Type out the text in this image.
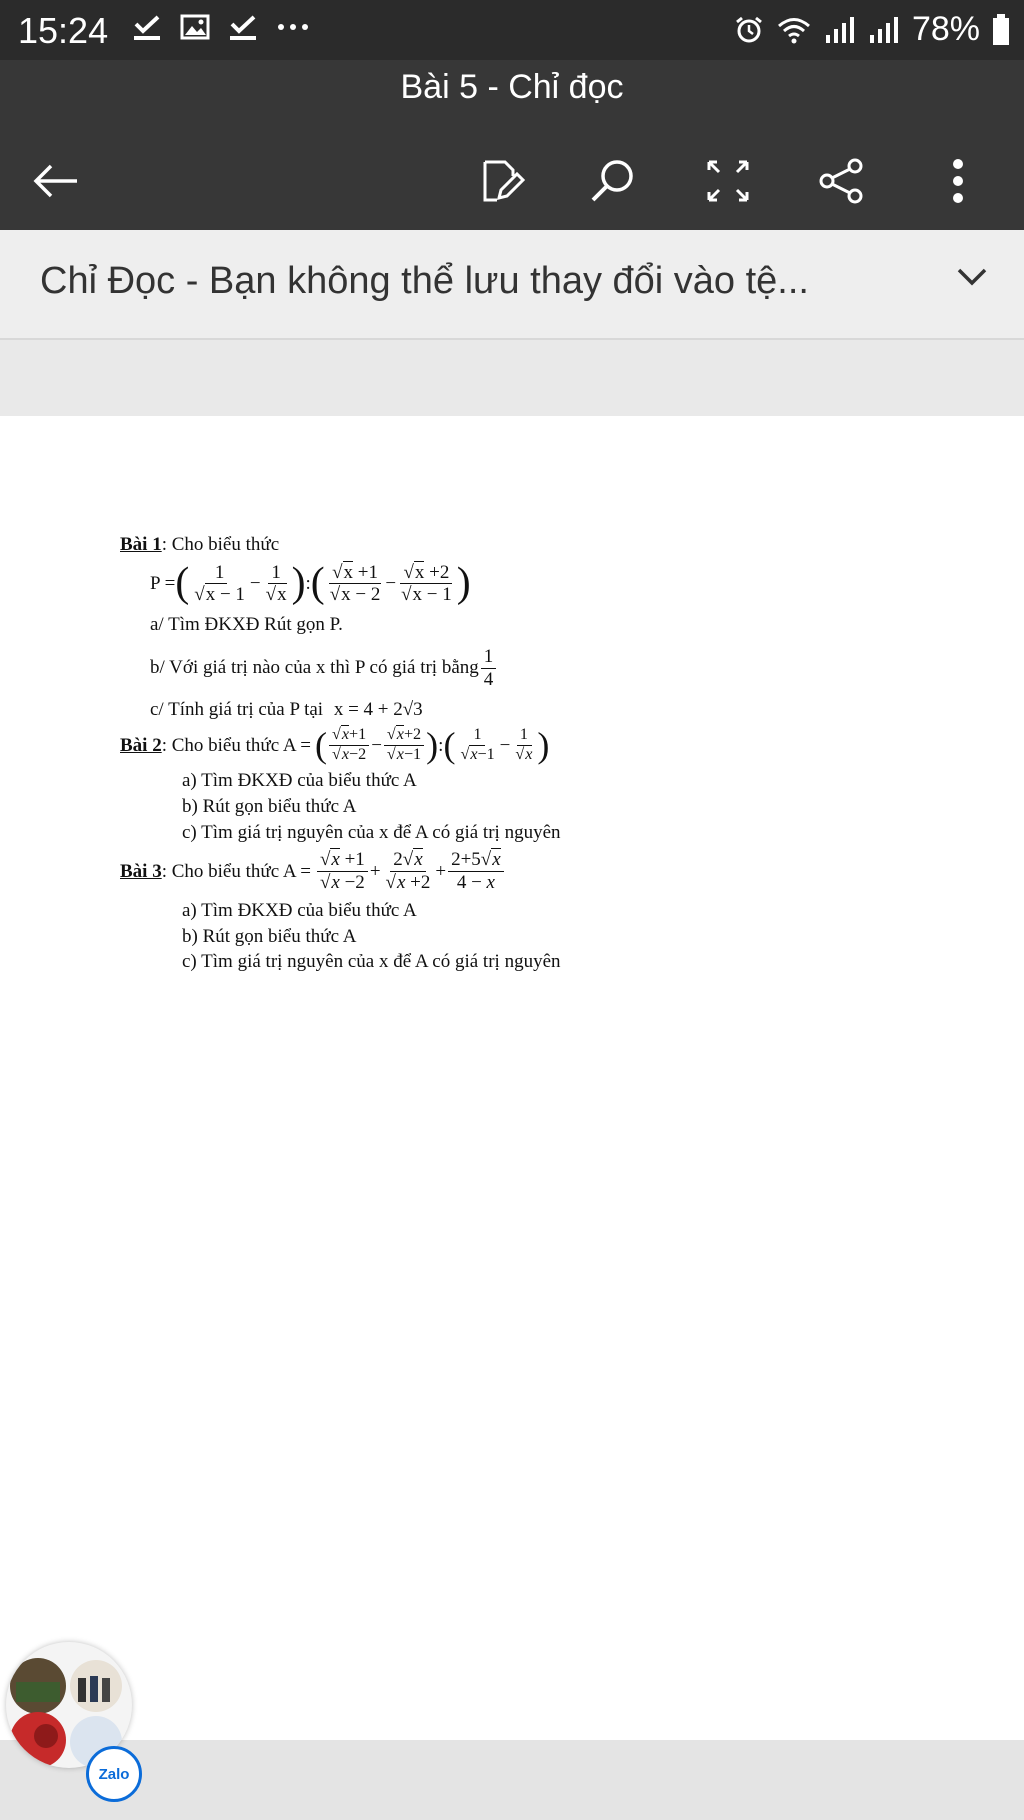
15:24	78%
Bài 5 - Chỉ đọc
Chỉ Đọc - Bạn không thể lưu thay đổi vào tệ...
Bài 1: Cho biểu thức
P = ( $\frac{1}{√x - 1} - \frac{1}{√x}$ ) : ( $\frac{√x +1}{√x - 2} - \frac{√x +2}{√x - 1}$ )
a/ Tìm ĐKXĐ Rút gọn P.
b/ Với giá trị nào của x thì P có giá trị bằng $\frac{1}{4}$
c/ Tính giá trị của P tại x = 4 + 2√3
Bài 2 : Cho biểu thức A = ( $\frac{√x+1}{√x-2} - \frac{√x+2}{√x-1}$ ) : ( $\frac{1}{√x-1} - \frac{1}{√x}$ )
a) Tìm ĐKXĐ của biểu thức A
b) Rút gọn biểu thức A
c) Tìm giá trị nguyên của x để A có giá trị nguyên
Bài 3 : Cho biểu thức $A = \frac{√x +1}{√x -2} + \frac{2√x}{√x +2} + \frac{2+5√x}{4 - x}$
a) Tìm ĐKXĐ của biểu thức A
b) Rút gọn biểu thức A
c) Tìm giá trị nguyên của x để A có giá trị nguyên
Zalo
